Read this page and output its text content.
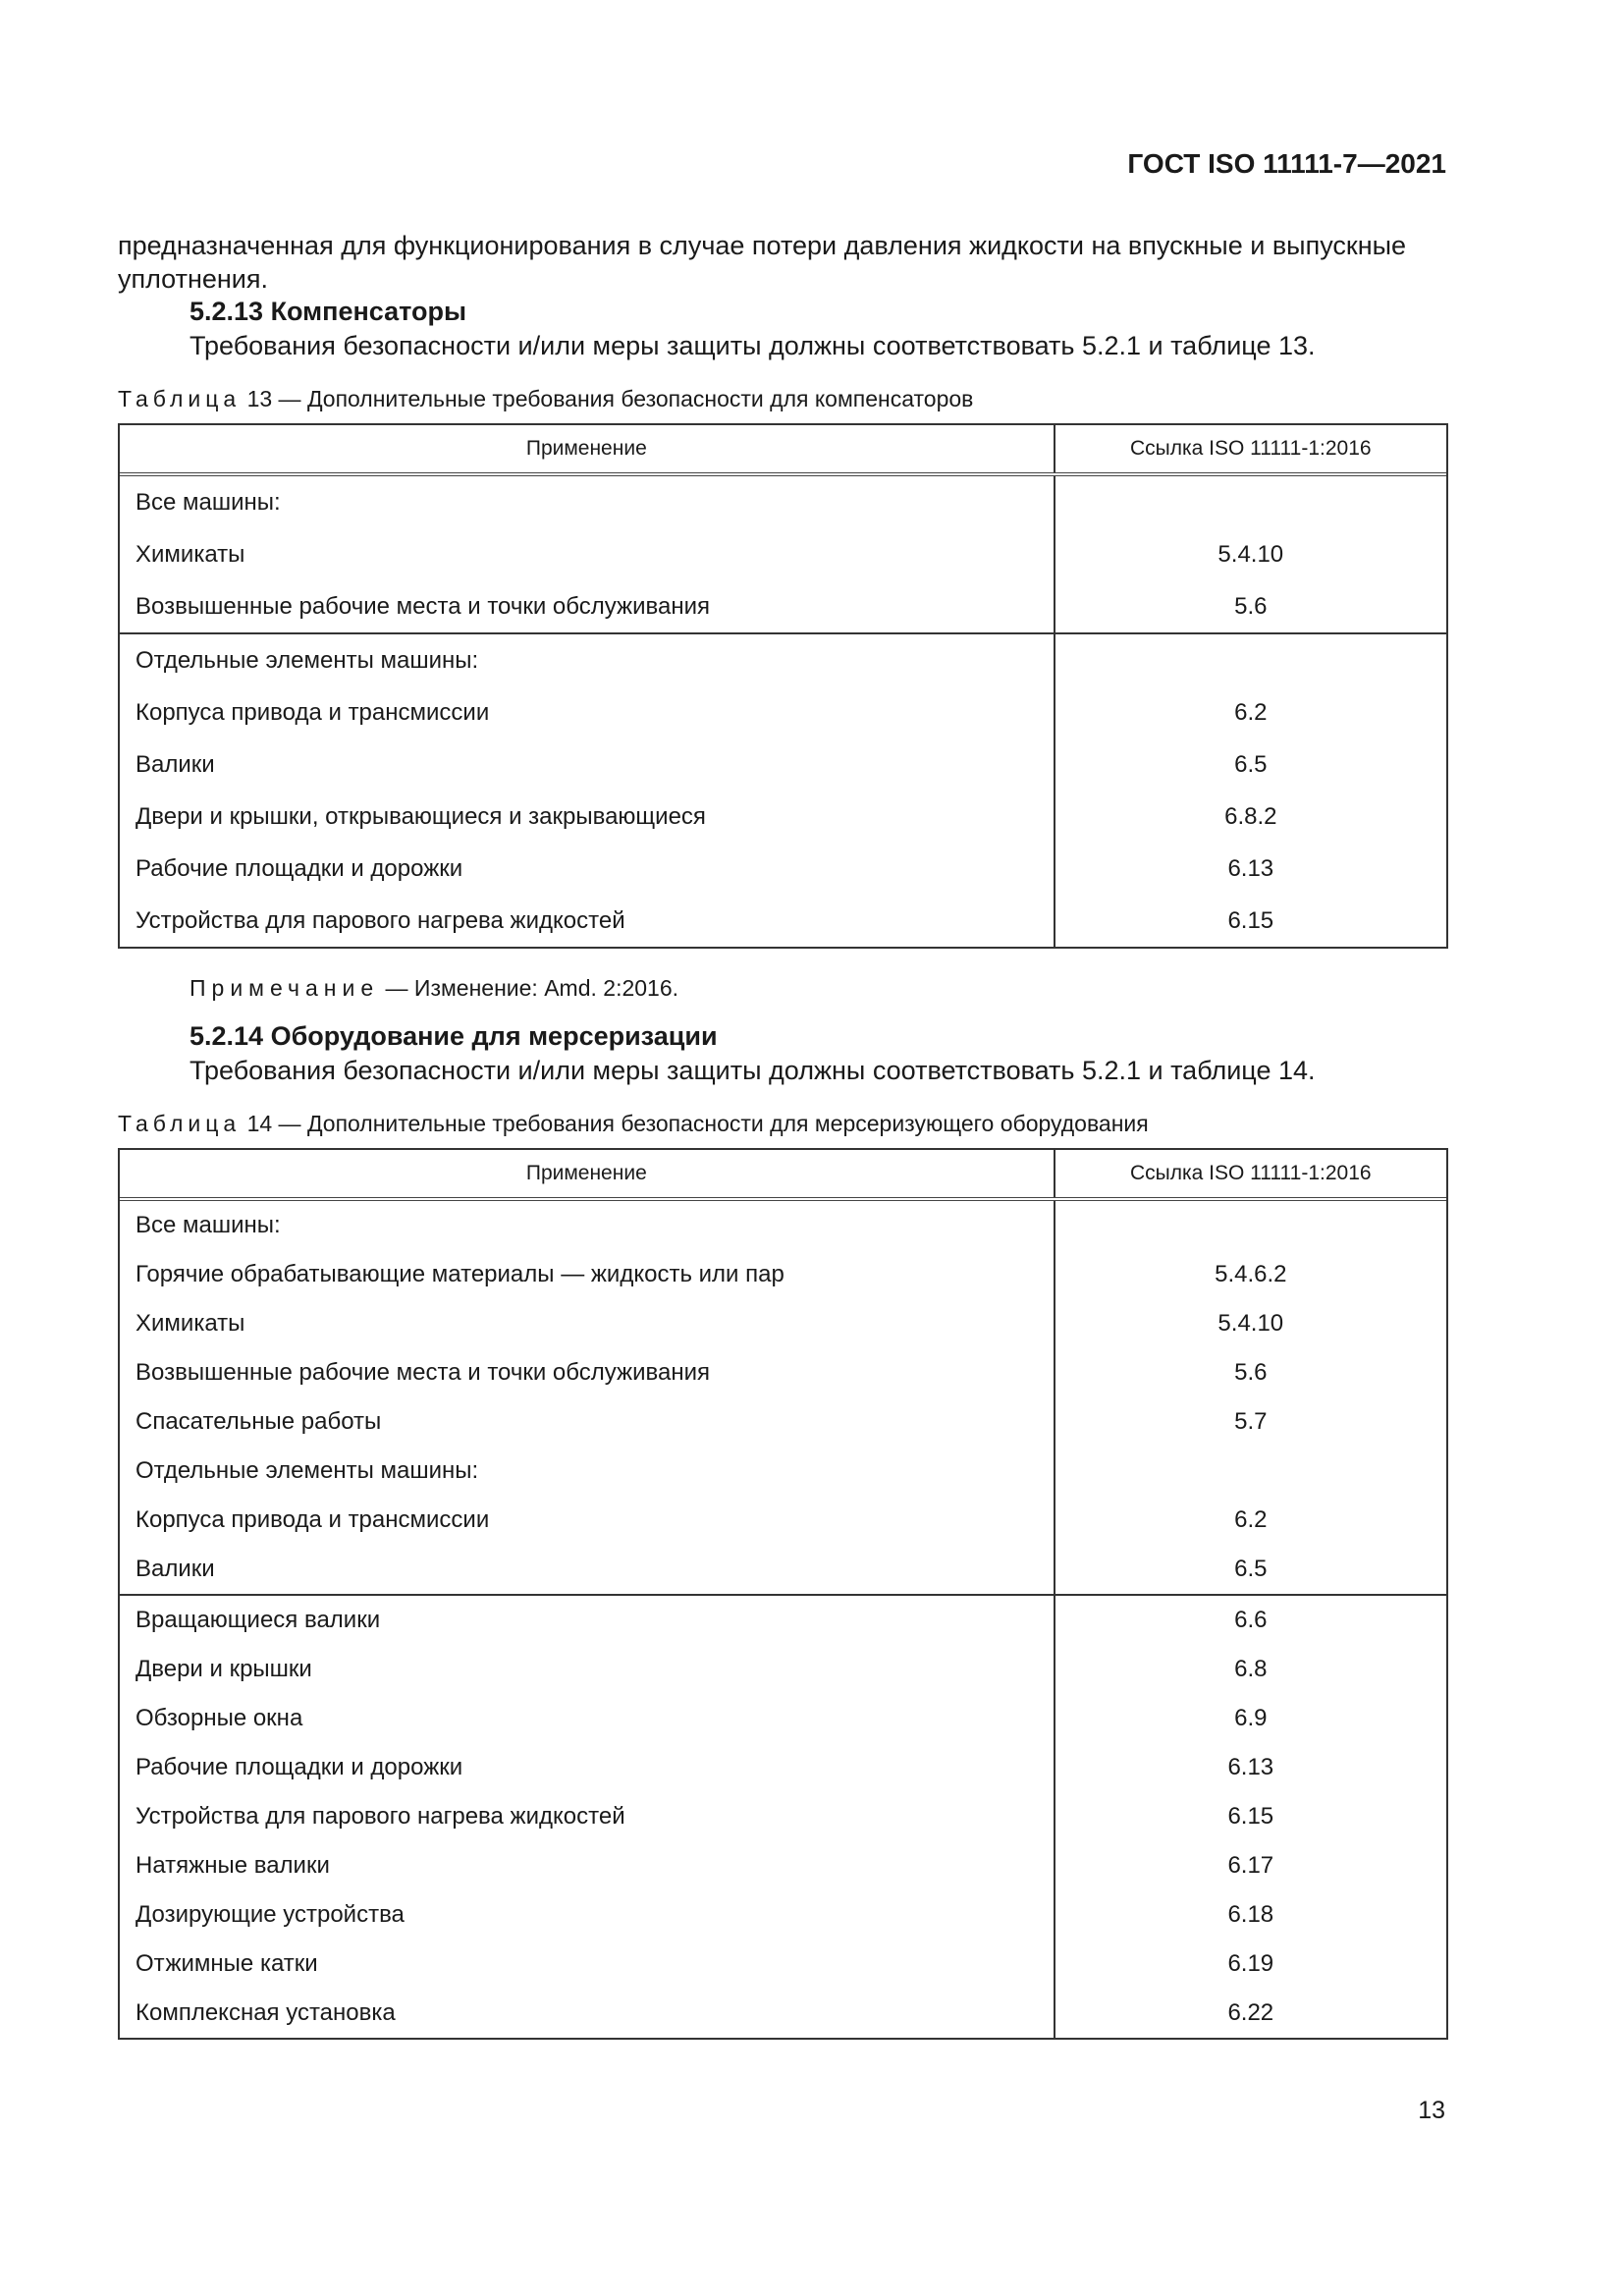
ГОСТ ISO 11111-7—2021
предназначенная для функционирования в случае потери давления жидкости на впускные и выпускные
уплотнения.
5.2.13 Компенсаторы
Требования безопасности и/или меры защиты должны соответствовать 5.2.1 и таблице 13.
Таблица 13 — Дополнительные требования безопасности для компенсаторов
Применение	Ссылка ISO 11111-1:2016
Все машины:
Химикаты
Возвышенные рабочие места и точки обслуживания
5.4.10
5.6
Отдельные элементы машины:
Корпуса привода и трансмиссии
Валики
Двери и крышки, открывающиеся и закрывающиеся
Рабочие площадки и дорожки
Устройства для парового нагрева жидкостей
6.2
6.5
6.8.2
6.13
6.15
Примечание — Изменение: Amd. 2:2016.
5.2.14 Оборудование для мерсеризации
Требования безопасности и/или меры защиты должны соответствовать 5.2.1 и таблице 14.
Таблица 14 — Дополнительные требования безопасности для мерсеризующего оборудования
Применение	Ссылка ISO 11111-1:2016
Все машины:
Горячие обрабатывающие материалы — жидкость или пар
Химикаты
Возвышенные рабочие места и точки обслуживания
Спасательные работы
Отдельные элементы машины:
Корпуса привода и трансмиссии
Валики
5.4.6.2
5.4.10
5.6
5.7
6.2
6.5
Вращающиеся валики
Двери и крышки
Обзорные окна
Рабочие площадки и дорожки
Устройства для парового нагрева жидкостей
Натяжные валики
Дозирующие устройства
Отжимные катки
Комплексная установка
6.6
6.8
6.9
6.13
6.15
6.17
6.18
6.19
6.22
13
